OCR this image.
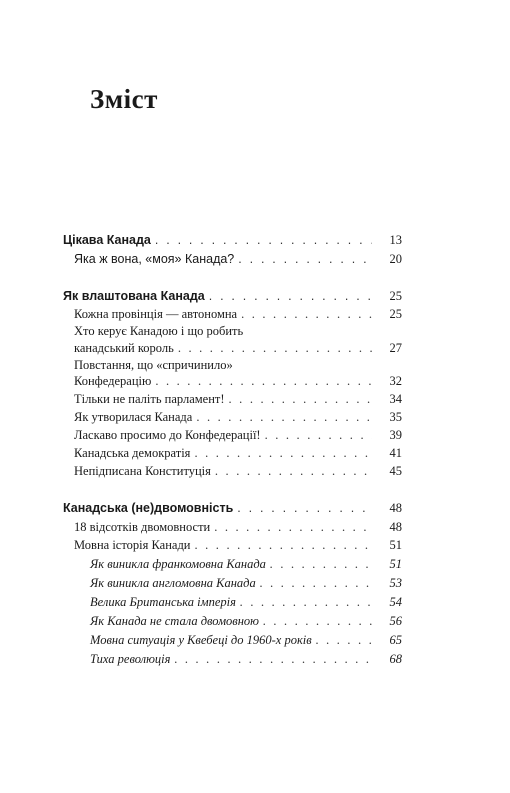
Зміст
Цікава Канада . . .	13
Яка ж вона, «моя» Канада? . . .	20
Як влаштована Канада . . .	25
Кожна провінція — автономна . . .	25
Хто керує Канадою і що робить
канадський король . . .	27
Повстання, що «спричинило»
Конфедерацію . . .	32
Тільки не паліть парламент! . . .	34
Як утворилася Канада . . .	35
Ласкаво просимо до Конфедерації! . . .	39
Канадська демократія . . .	41
Непідписана Конституція . . .	45
Канадська (не)двомовність . . .	48
18 відсотків двомовности . . .	48
Мовна історія Канади . . .	51
Як виникла франкомовна Канада . . .	51
Як виникла англомовна Канада . . .	53
Велика Британська імперія . . .	54
Як Канада не стала двомовною . . .	56
Мовна ситуація у Квебеці до 1960-х років . . .	65
Тиха революція . . .	68
